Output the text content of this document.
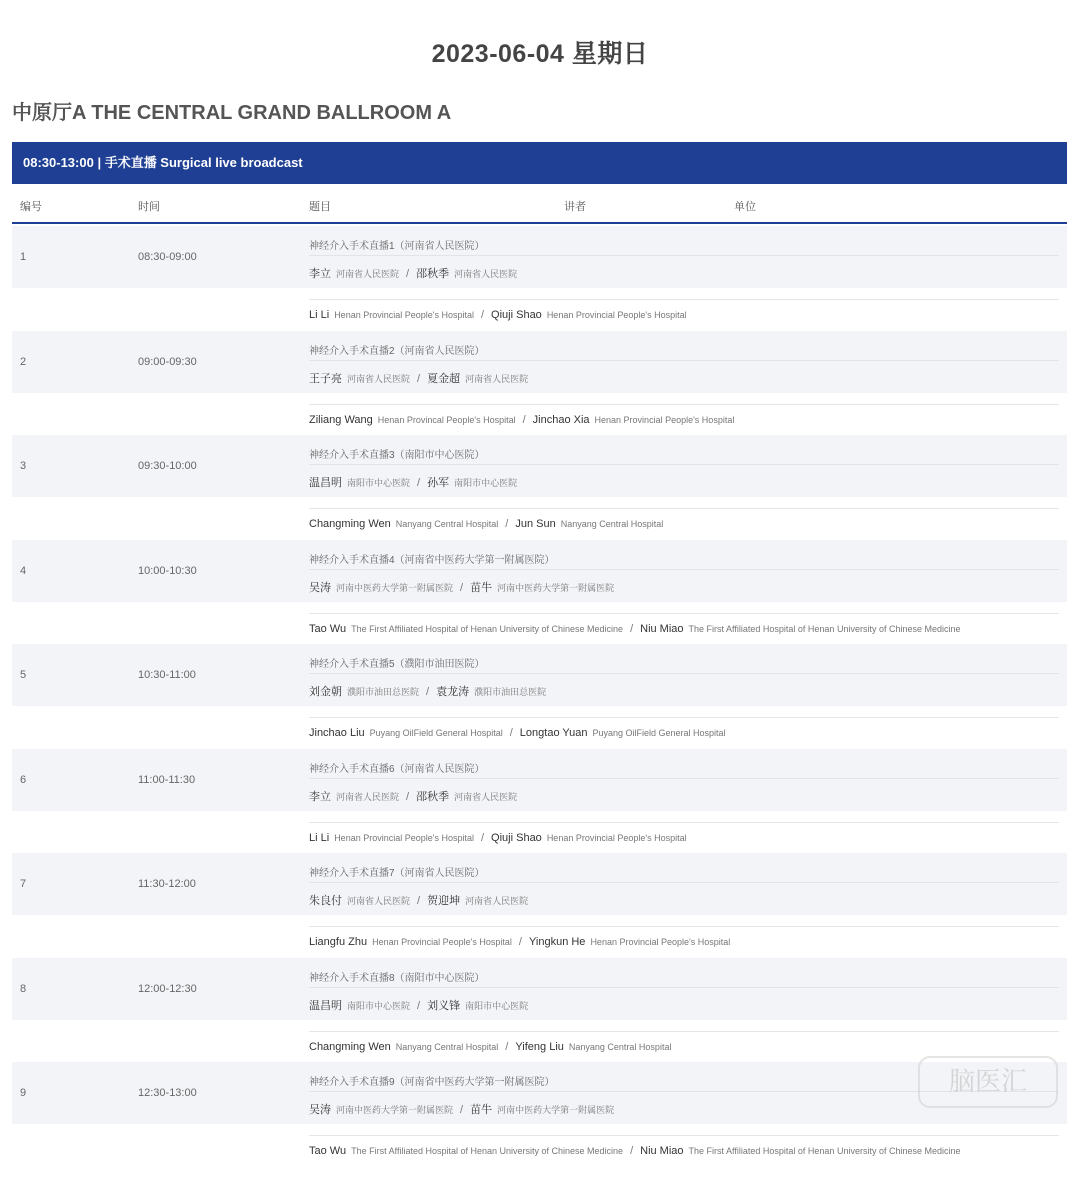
2023-06-04 星期日
中原厅A THE CENTRAL GRAND BALLROOM A
08:30-13:00 | 手术直播 Surgical live broadcast
编号	时间	题目	讲者	单位
1	08:30-09:00
神经介入手术直播1（河南省人民医院）
李立 河南省人民医院 / 邵秋季 河南省人民医院
Li Li Henan Provincial People's Hospital / Qiuji Shao Henan Provincial People's Hospital
2	09:00-09:30
神经介入手术直播2（河南省人民医院）
王子亮 河南省人民医院 / 夏金超 河南省人民医院
Ziliang Wang Henan Provincal People's Hospital / Jinchao Xia Henan Provincial People's Hospital
3	09:30-10:00
神经介入手术直播3（南阳市中心医院）
温昌明 南阳市中心医院 / 孙军 南阳市中心医院
Changming Wen Nanyang Central Hospital / Jun Sun Nanyang Central Hospital
4	10:00-10:30
神经介入手术直播4（河南省中医药大学第一附属医院）
吴涛 河南中医药大学第一附属医院 / 苗牛 河南中医药大学第一附属医院
Tao Wu The First Affiliated Hospital of Henan University of Chinese Medicine / Niu Miao The First Affiliated Hospital of Henan University of Chinese Medicine
5	10:30-11:00
神经介入手术直播5（濮阳市油田医院）
刘金朝 濮阳市油田总医院 / 袁龙涛 濮阳市油田总医院
Jinchao Liu Puyang OilField General Hospital / Longtao Yuan Puyang OilField General Hospital
6	11:00-11:30
神经介入手术直播6（河南省人民医院）
李立 河南省人民医院 / 邵秋季 河南省人民医院
Li Li Henan Provincial People's Hospital / Qiuji Shao Henan Provincial People's Hospital
7	11:30-12:00
神经介入手术直播7（河南省人民医院）
朱良付 河南省人民医院 / 贺迎坤 河南省人民医院
Liangfu Zhu Henan Provincial People's Hospital / Yingkun He Henan Provincial People's Hospital
8	12:00-12:30
神经介入手术直播8（南阳市中心医院）
温昌明 南阳市中心医院 / 刘义锋 南阳市中心医院
Changming Wen Nanyang Central Hospital / Yifeng Liu Nanyang Central Hospital
9	12:30-13:00
神经介入手术直播9（河南省中医药大学第一附属医院）
吴涛 河南中医药大学第一附属医院 / 苗牛 河南中医药大学第一附属医院
Tao Wu The First Affiliated Hospital of Henan University of Chinese Medicine / Niu Miao The First Affiliated Hospital of Henan University of Chinese Medicine
脑医汇
